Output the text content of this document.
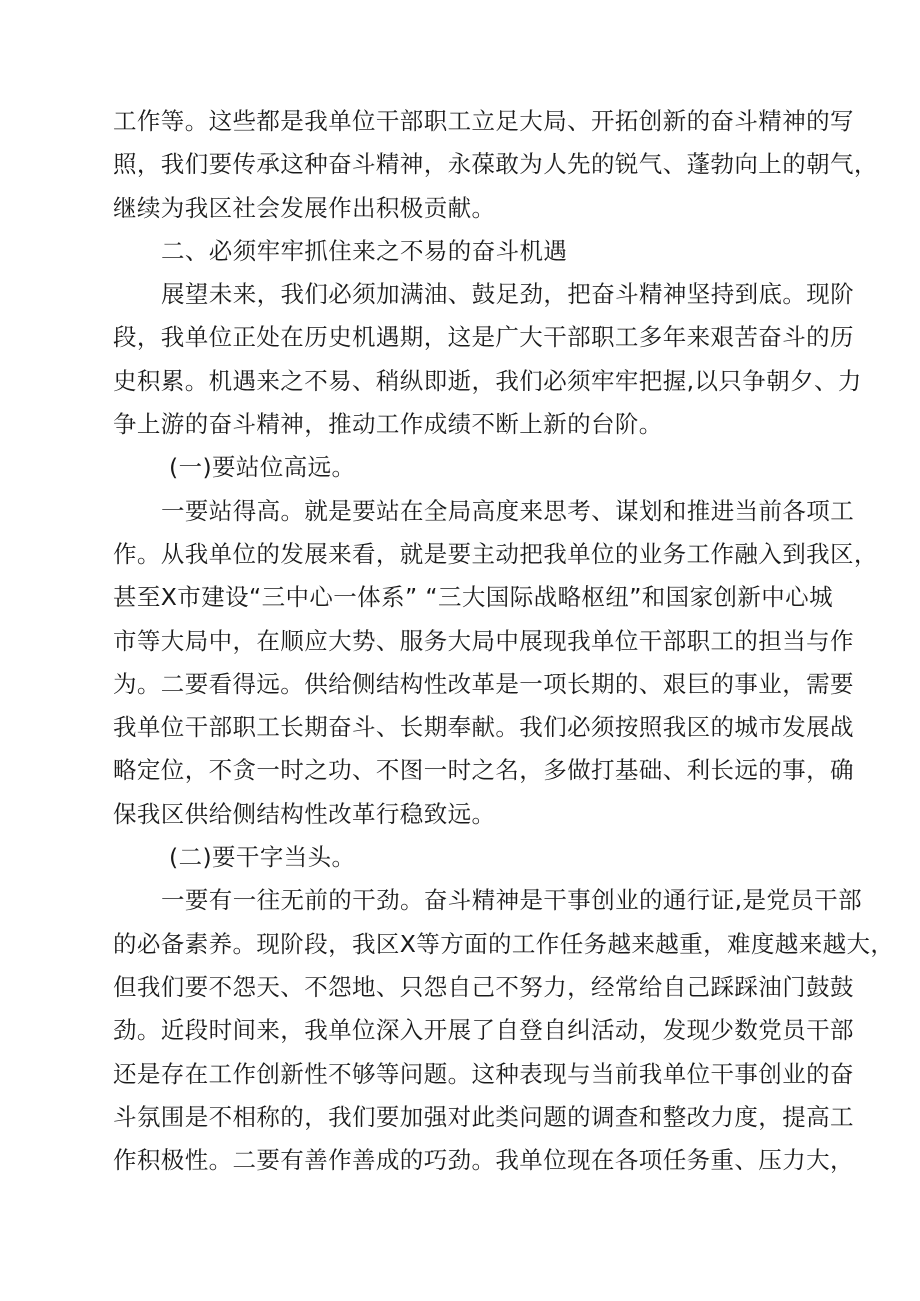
工作等。这些都是我单位干部职工立足大局、开拓创新的奋斗精神的写
照，我们要传承这种奋斗精神，永葆敢为人先的锐气、蓬勃向上的朝气，
继续为我区社会发展作出积极贡献。
二、必须牢牢抓住来之不易的奋斗机遇
展望未来，我们必须加满油、鼓足劲，把奋斗精神坚持到底。现阶
段，我单位正处在历史机遇期，这是广大干部职工多年来艰苦奋斗的历
史积累。机遇来之不易、稍纵即逝，我们必须牢牢把握,以只争朝夕、力
争上游的奋斗精神，推动工作成绩不断上新的台阶。
(一)要站位高远。
一要站得高。就是要站在全局高度来思考、谋划和推进当前各项工
作。从我单位的发展来看，就是要主动把我单位的业务工作融入到我区，
甚至X市建设“三中心一体系” “三大国际战略枢纽”和国家创新中心城
市等大局中，在顺应大势、服务大局中展现我单位干部职工的担当与作
为。二要看得远。供给侧结构性改革是一项长期的、艰巨的事业，需要
我单位干部职工长期奋斗、长期奉献。我们必须按照我区的城市发展战
略定位，不贪一时之功、不图一时之名，多做打基础、利长远的事，确
保我区供给侧结构性改革行稳致远。
(二)要干字当头。
一要有一往无前的干劲。奋斗精神是干事创业的通行证,是党员干部
的必备素养。现阶段，我区X等方面的工作任务越来越重，难度越来越大，
但我们要不怨天、不怨地、只怨自己不努力，经常给自己踩踩油门鼓鼓
劲。近段时间来，我单位深入开展了自登自纠活动，发现少数党员干部
还是存在工作创新性不够等问题。这种表现与当前我单位干事创业的奋
斗氛围是不相称的，我们要加强对此类问题的调查和整改力度，提高工
作积极性。二要有善作善成的巧劲。我单位现在各项任务重、压力大，
